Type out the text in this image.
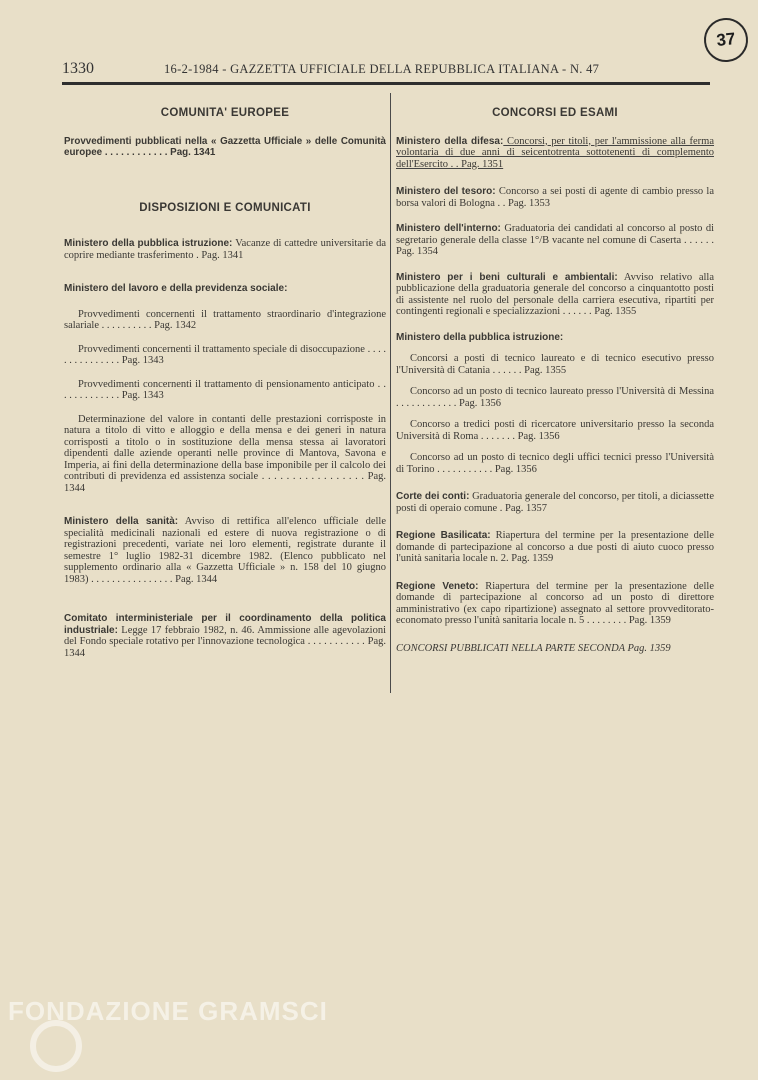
37
1330	16-2-1984 - GAZZETTA UFFICIALE DELLA REPUBBLICA ITALIANA - N. 47

COMUNITA' EUROPEE

Provvedimenti pubblicati nella « Gazzetta Ufficiale » delle Comunità europee . . . . . . . . . . . . Pag. 1341

DISPOSIZIONI E COMUNICATI

Ministero della pubblica istruzione: Vacanze di cattedre universitarie da coprire mediante trasferimento . Pag. 1341

Ministero del lavoro e della previdenza sociale:

Provvedimenti concernenti il trattamento straordinario d'integrazione salariale . . . . . . . . . . Pag. 1342

Provvedimenti concernenti il trattamento speciale di disoccupazione . . . . . . . . . . . . . . . Pag. 1343

Provvedimenti concernenti il trattamento di pensionamento anticipato . . . . . . . . . . . . . Pag. 1343

Determinazione del valore in contanti delle prestazioni corrisposte in natura a titolo di vitto e alloggio e della mensa e dei generi in natura corrisposti a titolo o in sostituzione della mensa stessa ai lavoratori dipendenti dalle aziende operanti nelle province di Mantova, Savona e Imperia, ai fini della determinazione della base imponibile per il calcolo dei contributi di previdenza ed assistenza sociale . . . . . . . . . . . . . . . . . Pag. 1344

Ministero della sanità: Avviso di rettifica all'elenco ufficiale delle specialità medicinali nazionali ed estere di nuova registrazione o di registrazioni precedenti, variate nei loro elementi, registrate durante il semestre 1° luglio 1982-31 dicembre 1982. (Elenco pubblicato nel supplemento ordinario alla « Gazzetta Ufficiale » n. 158 del 10 giugno 1983) . . . . . . . . . . . . . . . . Pag. 1344

Comitato interministeriale per il coordinamento della politica industriale: Legge 17 febbraio 1982, n. 46. Ammissione alle agevolazioni del Fondo speciale rotativo per l'innovazione tecnologica . . . . . . . . . . . Pag. 1344

CONCORSI ED ESAMI

Ministero della difesa: Concorsi, per titoli, per l'ammissione alla ferma volontaria di due anni di seicentotrenta sottotenenti di complemento dell'Esercito . . Pag. 1351

Ministero del tesoro: Concorso a sei posti di agente di cambio presso la borsa valori di Bologna . . Pag. 1353

Ministero dell'interno: Graduatoria dei candidati al concorso al posto di segretario generale della classe 1°/B vacante nel comune di Caserta . . . . . . Pag. 1354

Ministero per i beni culturali e ambientali: Avviso relativo alla pubblicazione della graduatoria generale del concorso a cinquantotto posti di assistente nel ruolo del personale della carriera esecutiva, ripartiti per contingenti regionali e specializzazioni . . . . . . Pag. 1355

Ministero della pubblica istruzione:

Concorsi a posti di tecnico laureato e di tecnico esecutivo presso l'Università di Catania . . . . . . Pag. 1355

Concorso ad un posto di tecnico laureato presso l'Università di Messina . . . . . . . . . . . . Pag. 1356

Concorso a tredici posti di ricercatore universitario presso la seconda Università di Roma . . . . . . . Pag. 1356

Concorso ad un posto di tecnico degli uffici tecnici presso l'Università di Torino . . . . . . . . . . . Pag. 1356

Corte dei conti: Graduatoria generale del concorso, per titoli, a diciassette posti di operaio comune . Pag. 1357

Regione Basilicata: Riapertura del termine per la presentazione delle domande di partecipazione al concorso a due posti di aiuto cuoco presso l'unità sanitaria locale n. 2. Pag. 1359

Regione Veneto: Riapertura del termine per la presentazione delle domande di partecipazione al concorso ad un posto di direttore amministrativo (ex capo ripartizione) assegnato al settore provveditorato-economato presso l'unità sanitaria locale n. 5 . . . . . . . . Pag. 1359

CONCORSI PUBBLICATI NELLA PARTE SECONDA Pag. 1359

FONDAZIONE GRAMSCI
